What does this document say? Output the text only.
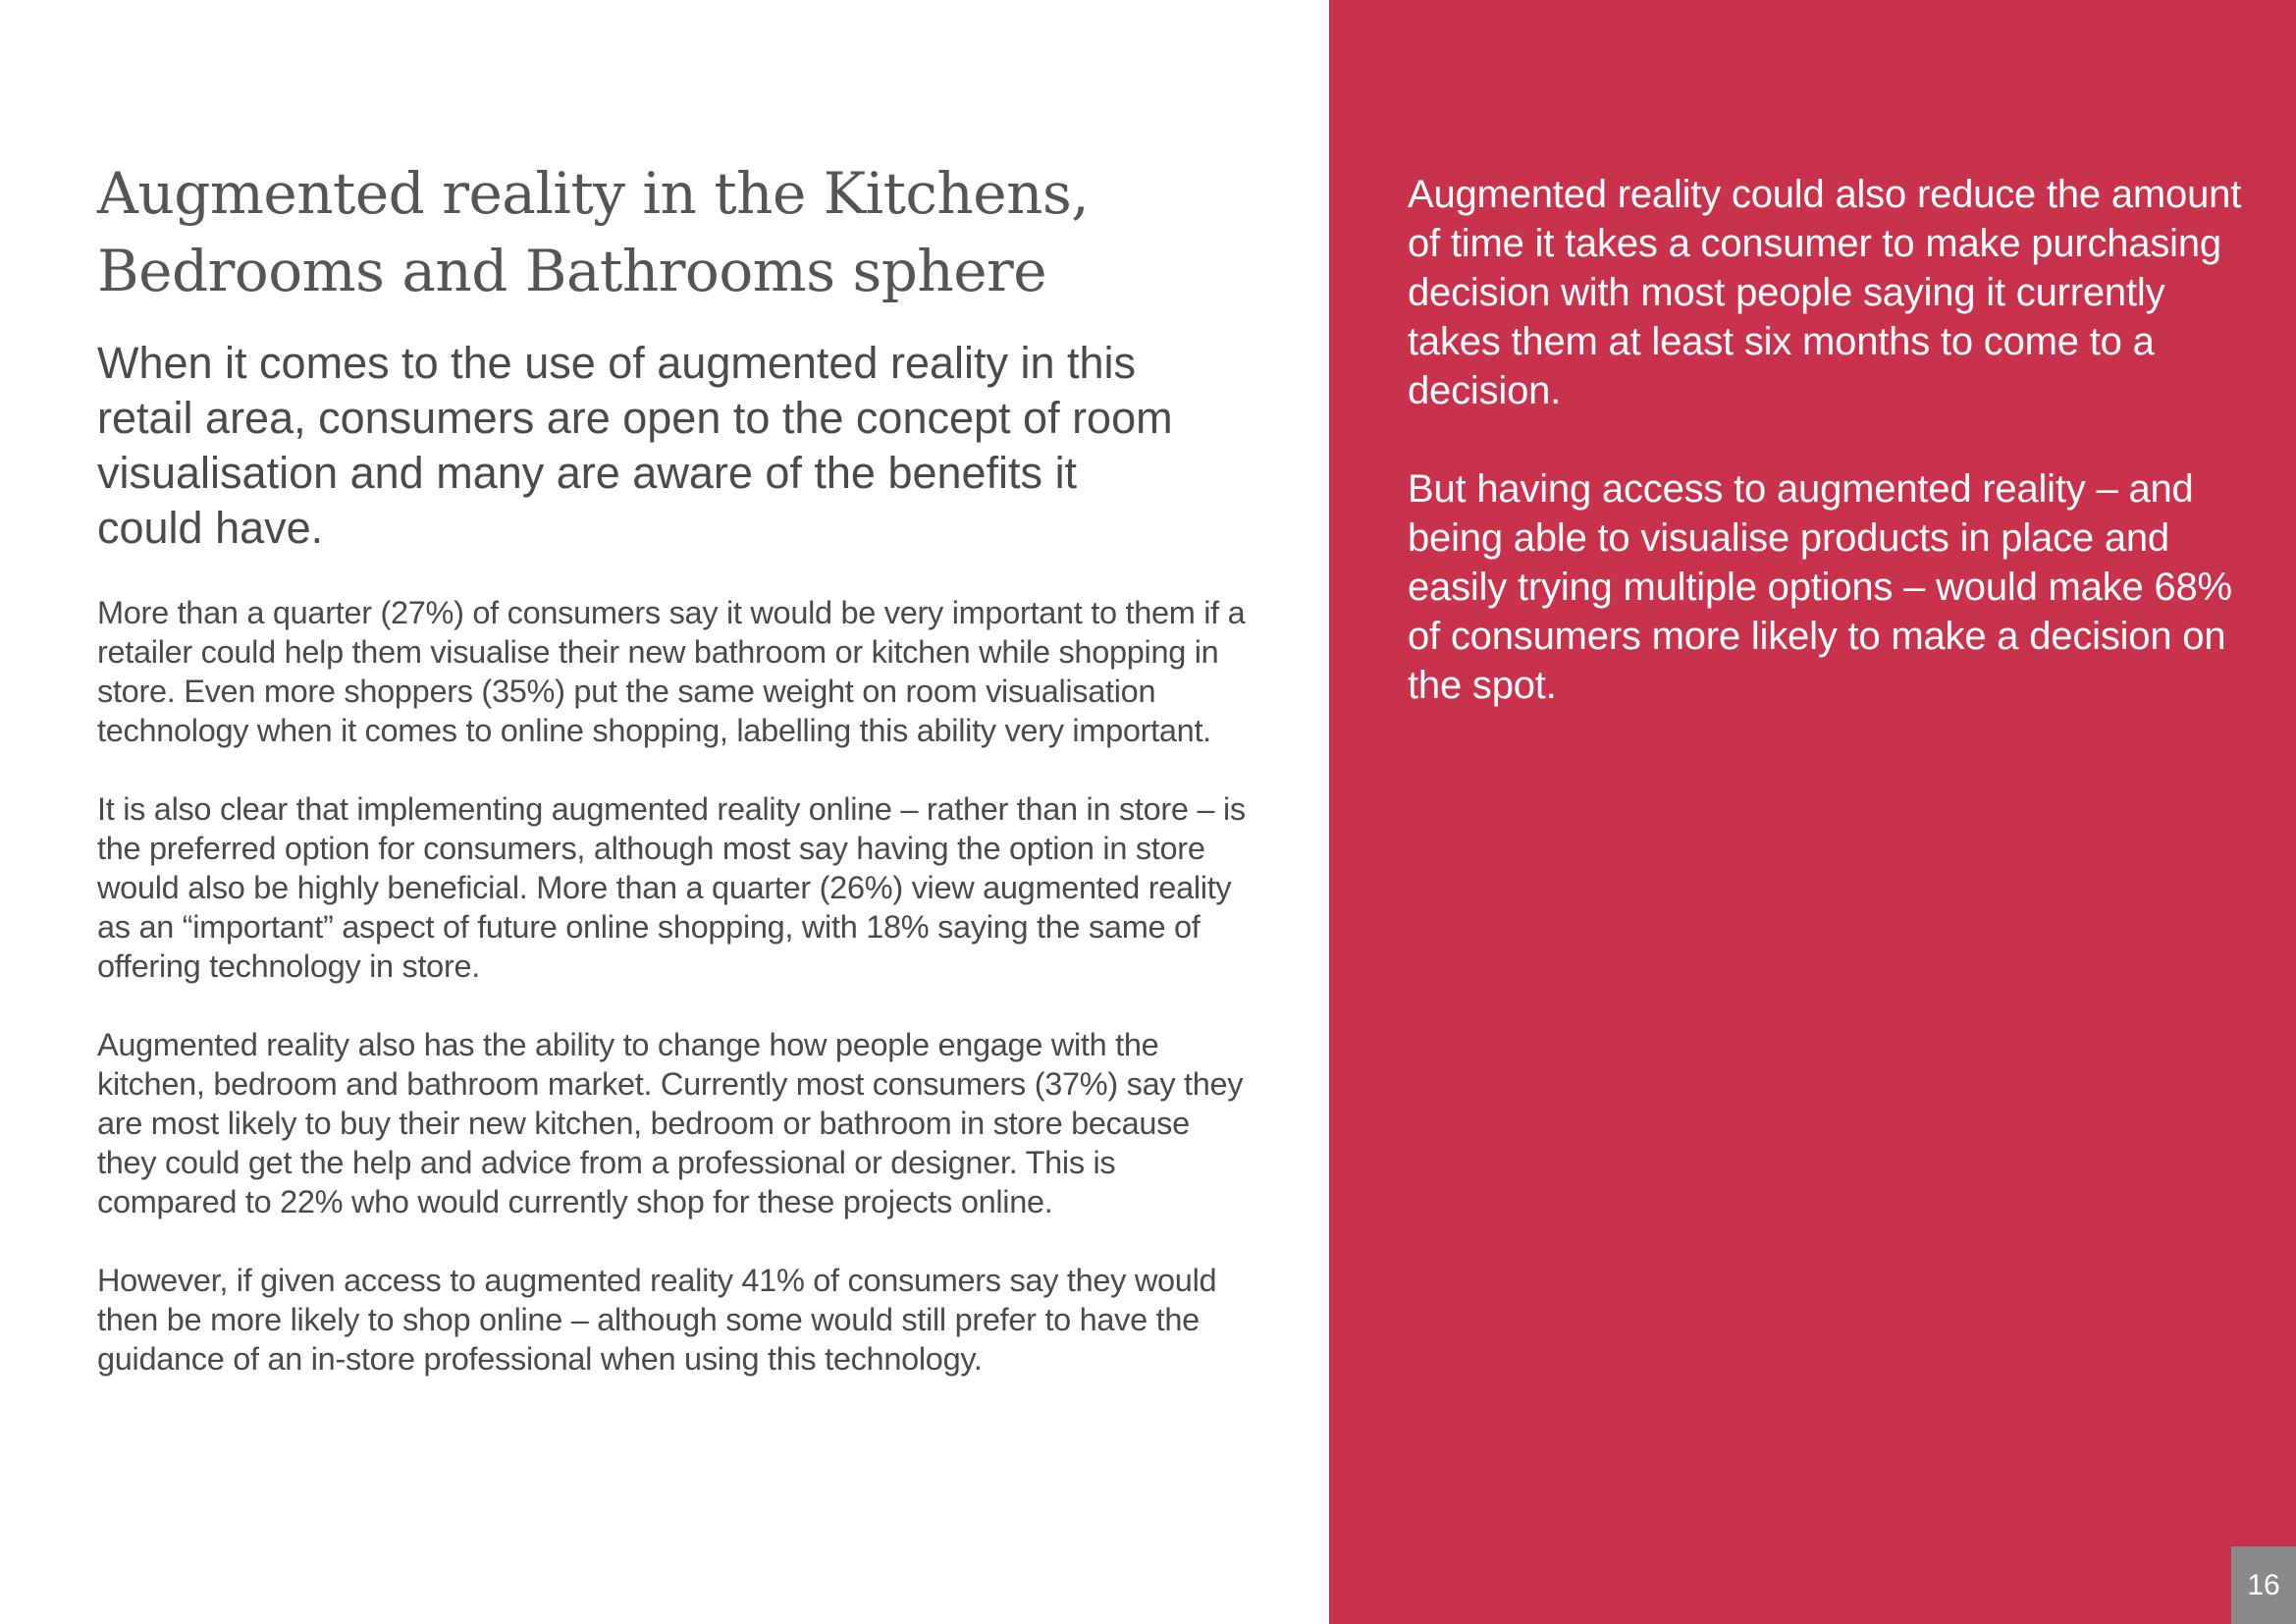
Augmented reality in the Kitchens,
Bedrooms and Bathrooms sphere

When it comes to the use of augmented reality in this retail area, consumers are open to the concept of room visualisation and many are aware of the benefits it could have.

More than a quarter (27%) of consumers say it would be very important to them if a retailer could help them visualise their new bathroom or kitchen while shopping in store. Even more shoppers (35%) put the same weight on room visualisation technology when it comes to online shopping, labelling this ability very important.

It is also clear that implementing augmented reality online – rather than in store – is the preferred option for consumers, although most say having the option in store would also be highly beneficial. More than a quarter (26%) view augmented reality as an “important” aspect of future online shopping, with 18% saying the same of offering technology in store.

Augmented reality also has the ability to change how people engage with the kitchen, bedroom and bathroom market. Currently most consumers (37%) say they are most likely to buy their new kitchen, bedroom or bathroom in store because they could get the help and advice from a professional or designer. This is compared to 22% who would currently shop for these projects online.

However, if given access to augmented reality 41% of consumers say they would then be more likely to shop online – although some would still prefer to have the guidance of an in-store professional when using this technology.

Augmented reality could also reduce the amount of time it takes a consumer to make purchasing decision with most people saying it currently takes them at least six months to come to a decision.

But having access to augmented reality – and being able to visualise products in place and easily trying multiple options – would make 68% of consumers more likely to make a decision on the spot.

16
